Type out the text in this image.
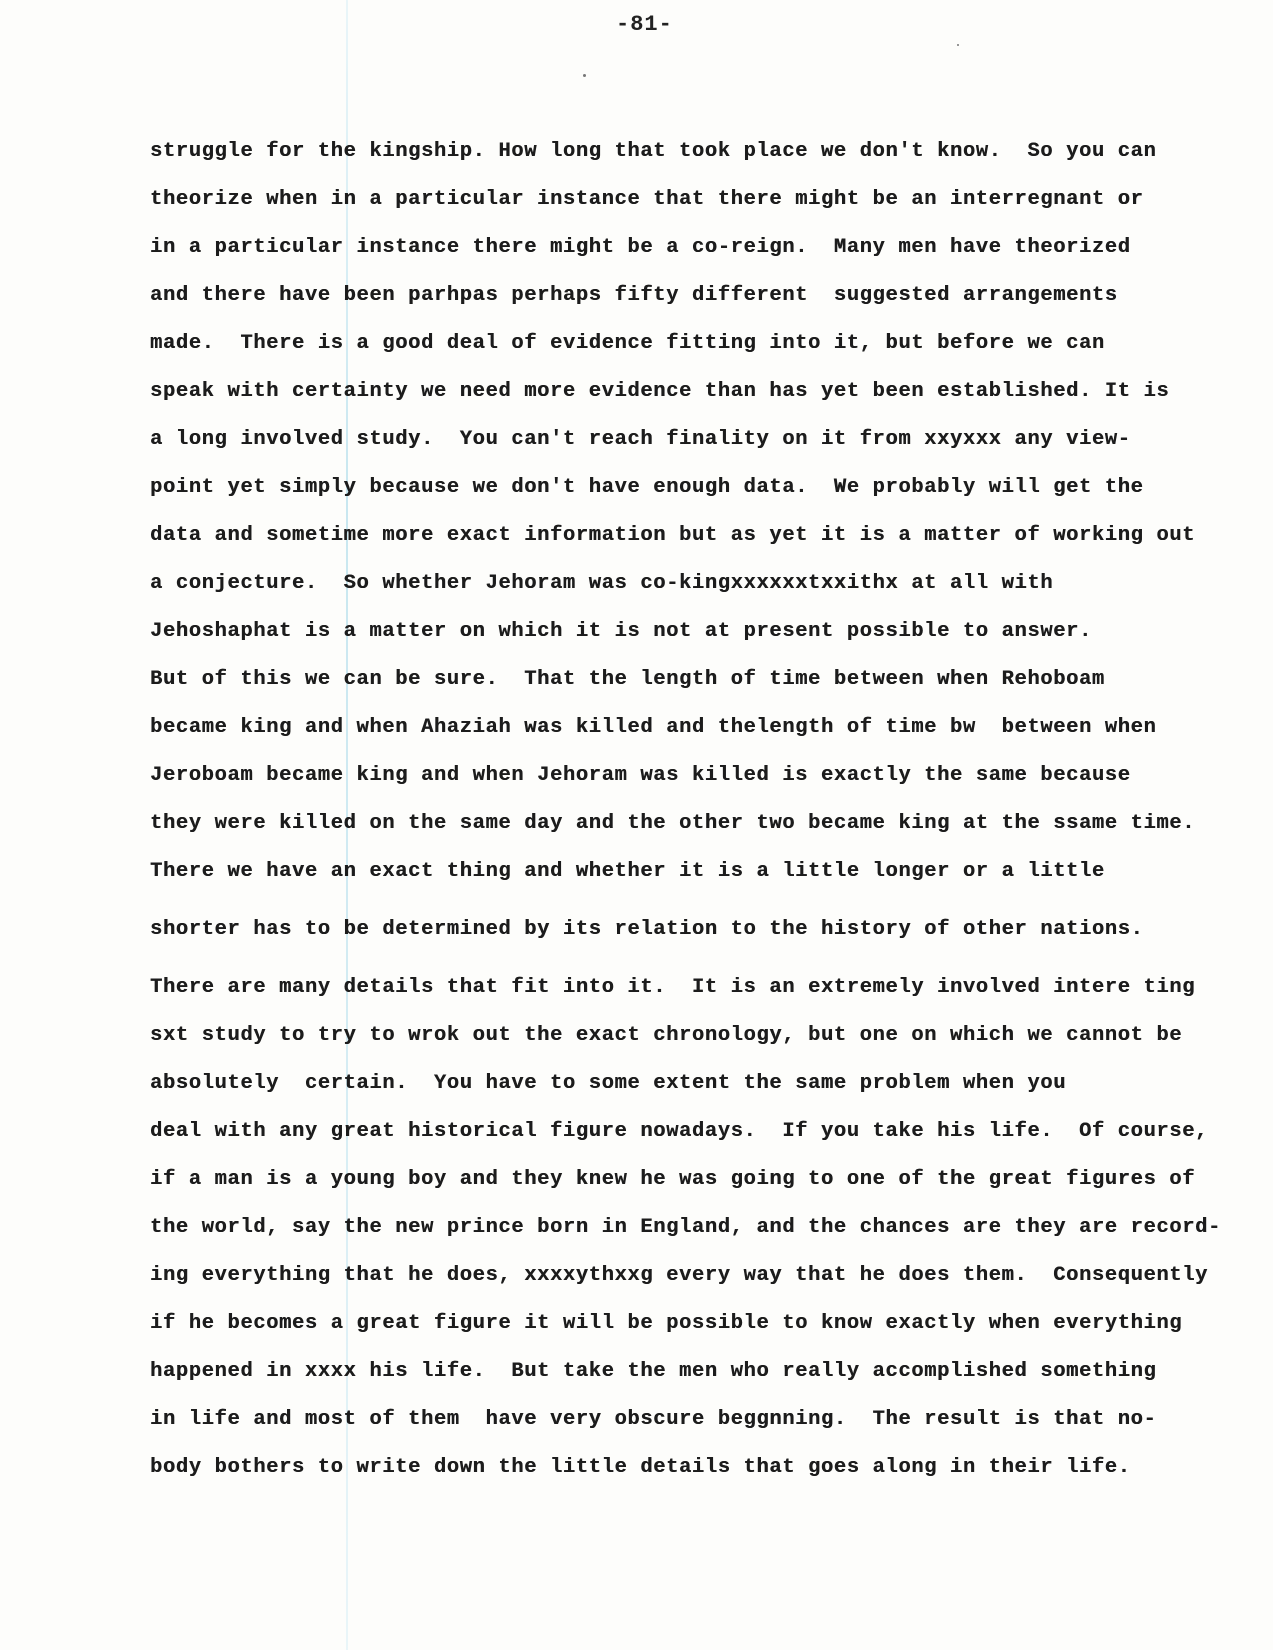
-81-
struggle for the kingship. How long that took place we don't know.  So you can
theorize when in a particular instance that there might be an interregnant or
in a particular instance there might be a co-reign.  Many men have theorized
and there have been parhpas perhaps fifty different  suggested arrangements
made.  There is a good deal of evidence fitting into it, but before we can
speak with certainty we need more evidence than has yet been established. It is
a long involved study.  You can't reach finality on it from xxyxxx any view-
point yet simply because we don't have enough data.  We probably will get the
data and sometime more exact information but as yet it is a matter of working out
a conjecture.  So whether Jehoram was co-kingxxxxxxtxxithx at all with
Jehoshaphat is a matter on which it is not at present possible to answer.
But of this we can be sure.  That the length of time between when Rehoboam
became king and when Ahaziah was killed and thelength of time bw  between when
Jeroboam became king and when Jehoram was killed is exactly the same because
they were killed on the same day and the other two became king at the ssame time.
There we have an exact thing and whether it is a little longer or a little
shorter has to be determined by its relation to the history of other nations.
There are many details that fit into it.  It is an extremely involved intere ting
sxt study to try to wrok out the exact chronology, but one on which we cannot be
absolutely  certain.  You have to some extent the same problem when you
deal with any great historical figure nowadays.  If you take his life.  Of course,
if a man is a young boy and they knew he was going to one of the great figures of
the world, say the new prince born in England, and the chances are they are record-
ing everything that he does, xxxxythxxg every way that he does them.  Consequently
if he becomes a great figure it will be possible to know exactly when everything
happened in xxxx his life.  But take the men who really accomplished something
in life and most of them  have very obscure beggnning.  The result is that no-
body bothers to write down the little details that goes along in their life.
